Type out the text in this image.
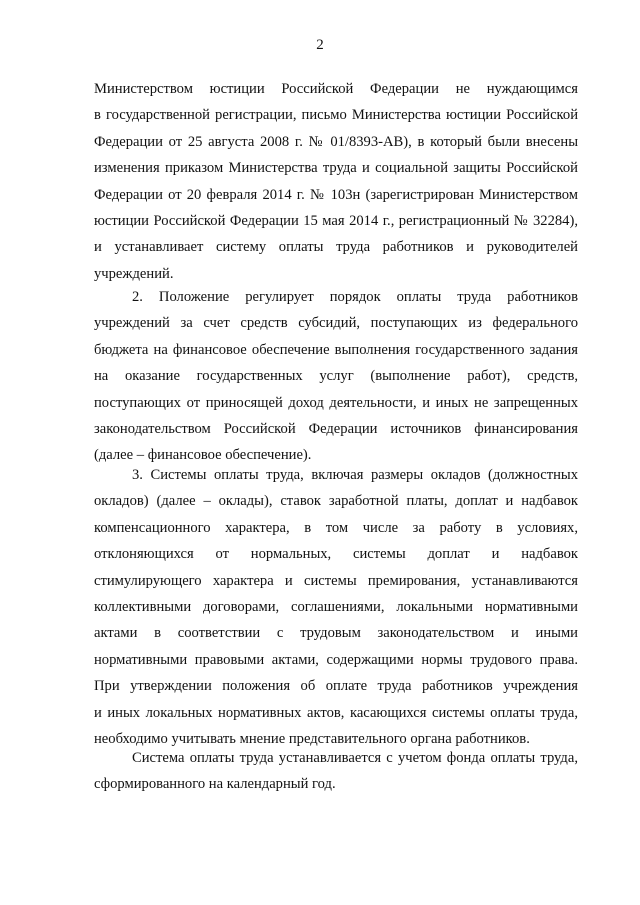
2
Министерством юстиции Российской Федерации не нуждающимся
в государственной регистрации, письмо Министерства юстиции Российской
Федерации от 25 августа 2008 г. № 01/8393-АВ), в который были внесены
изменения приказом Министерства труда и социальной защиты Российской
Федерации от 20 февраля 2014 г. № 103н (зарегистрирован Министерством
юстиции Российской Федерации 15 мая 2014 г., регистрационный № 32284),
и устанавливает систему оплаты труда работников и руководителей
учреждений.
2. Положение регулирует порядок оплаты труда работников
учреждений за счет средств субсидий, поступающих из федерального
бюджета на финансовое обеспечение выполнения государственного задания
на оказание государственных услуг (выполнение работ), средств,
поступающих от приносящей доход деятельности, и иных не запрещенных
законодательством Российской Федерации источников финансирования
(далее – финансовое обеспечение).
3. Системы оплаты труда, включая размеры окладов (должностных
окладов) (далее – оклады), ставок заработной платы, доплат и надбавок
компенсационного характера, в том числе за работу в условиях,
отклоняющихся от нормальных, системы доплат и надбавок
стимулирующего характера и системы премирования, устанавливаются
коллективными договорами, соглашениями, локальными нормативными
актами в соответствии с трудовым законодательством и иными
нормативными правовыми актами, содержащими нормы трудового права.
При утверждении положения об оплате труда работников учреждения
и иных локальных нормативных актов, касающихся системы оплаты труда,
необходимо учитывать мнение представительного органа работников.
Система оплаты труда устанавливается с учетом фонда оплаты труда,
сформированного на календарный год.
